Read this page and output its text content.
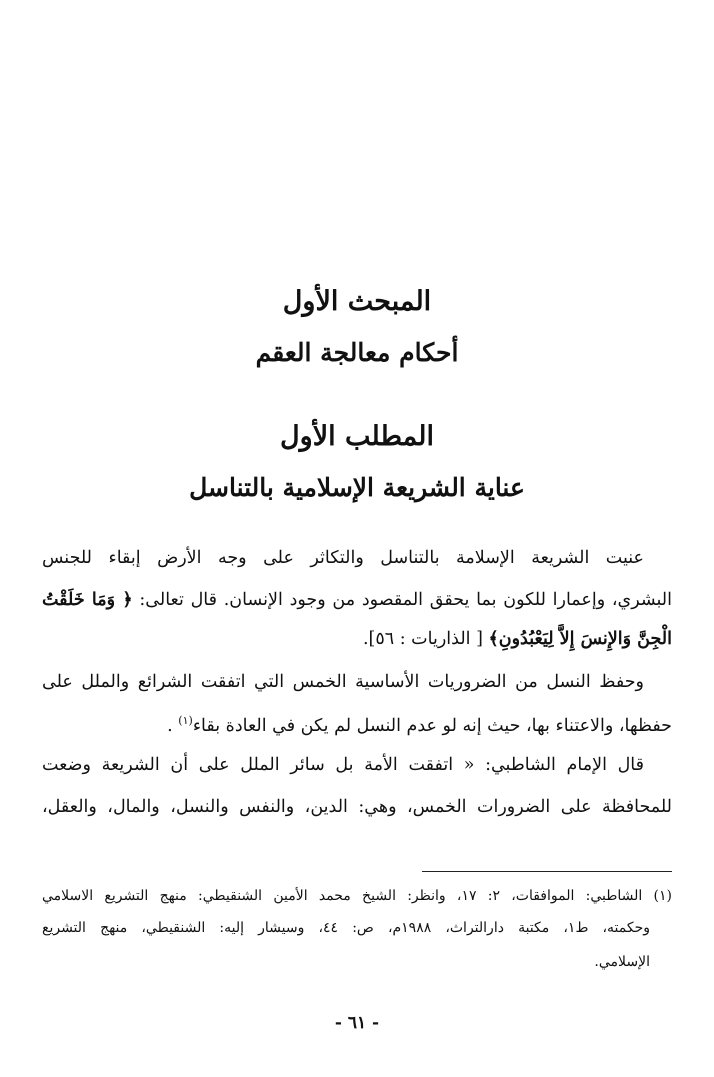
المبحث الأول
أحكام معالجة العقم
المطلب الأول
عناية الشريعة الإسلامية بالتناسل
عنيت الشريعة الإسلامة بالتناسل والتكاثر على وجه الأرض إبقاء للجنس
البشري، وإعمارا للكون بما يحقق المقصود من وجود الإنسان. قال تعالى: ﴿ وَمَا خَلَقْتُ
الْجِنَّ وَالإِنسَ إِلاَّ لِيَعْبُدُونِ﴾ [ الذاريات : ٥٦].
وحفظ النسل من الضروريات الأساسية الخمس التي اتفقت الشرائع والملل على
حفظها، والاعتناء بها، حيث إنه لو عدم النسل لم يكن في العادة بقاء$^{(١)}$ .
قال الإمام الشاطبي: « اتفقت الأمة بل سائر الملل على أن الشريعة وضعت
للمحافظة على الضرورات الخمس، وهي: الدين، والنفس والنسل، والمال، والعقل،
(١) الشاطبي: الموافقات، ٢: ١٧، وانظر: الشيخ محمد الأمين الشنقيطي: منهج التشريع الاسلامي
وحكمته، ط١، مكتبة دارالتراث، ١٩٨٨م، ص: ٤٤، وسيشار إليه: الشنقيطي، منهج التشريع
الإسلامي.
- ٦١ -
